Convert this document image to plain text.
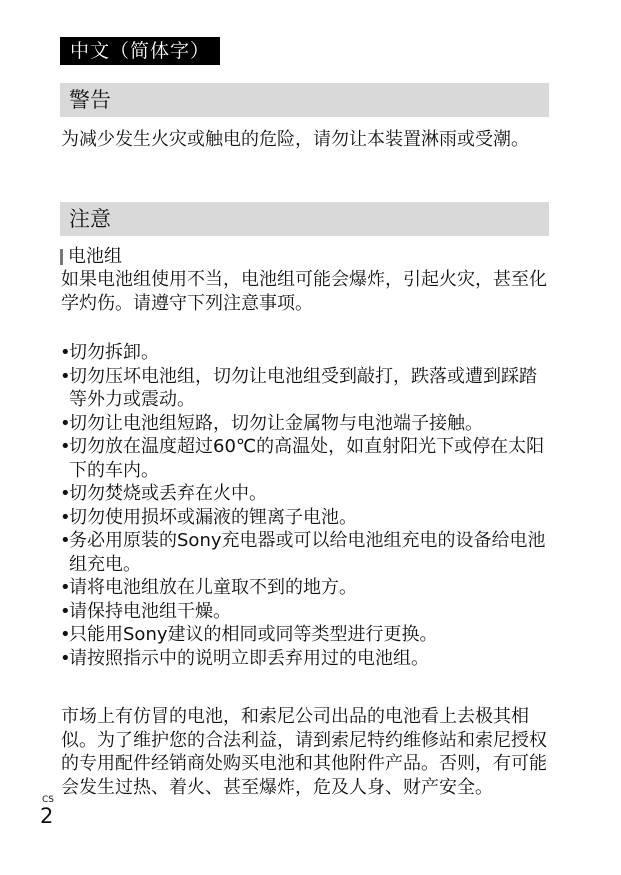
中文（简体字）
警告
为减少发生火灾或触电的危险，请勿让本装置淋雨或受潮。
注意
电池组
如果电池组使用不当，电池组可能会爆炸，引起火灾，甚至化学灼伤。请遵守下列注意事项。
•
切勿拆卸。
•
切勿压坏电池组，切勿让电池组受到敲打，跌落或遭到踩踏等外力或震动。
•
切勿让电池组短路，切勿让金属物与电池端子接触。
•
切勿放在温度超过60℃的高温处，如直射阳光下或停在太阳下的车内。
•
切勿焚烧或丢弃在火中。
•
切勿使用损坏或漏液的锂离子电池。
•
务必用原装的Sony充电器或可以给电池组充电的设备给电池组充电。
•
请将电池组放在儿童取不到的地方。
•
请保持电池组干燥。
•
只能用Sony建议的相同或同等类型进行更换。
•
请按照指示中的说明立即丢弃用过的电池组。
市场上有仿冒的电池，和索尼公司出品的电池看上去极其相似。为了维护您的合法利益，请到索尼特约维修站和索尼授权的专用配件经销商处购买电池和其他附件产品。否则，有可能会发生过热、着火、甚至爆炸，危及人身、财产安全。
CS
2
